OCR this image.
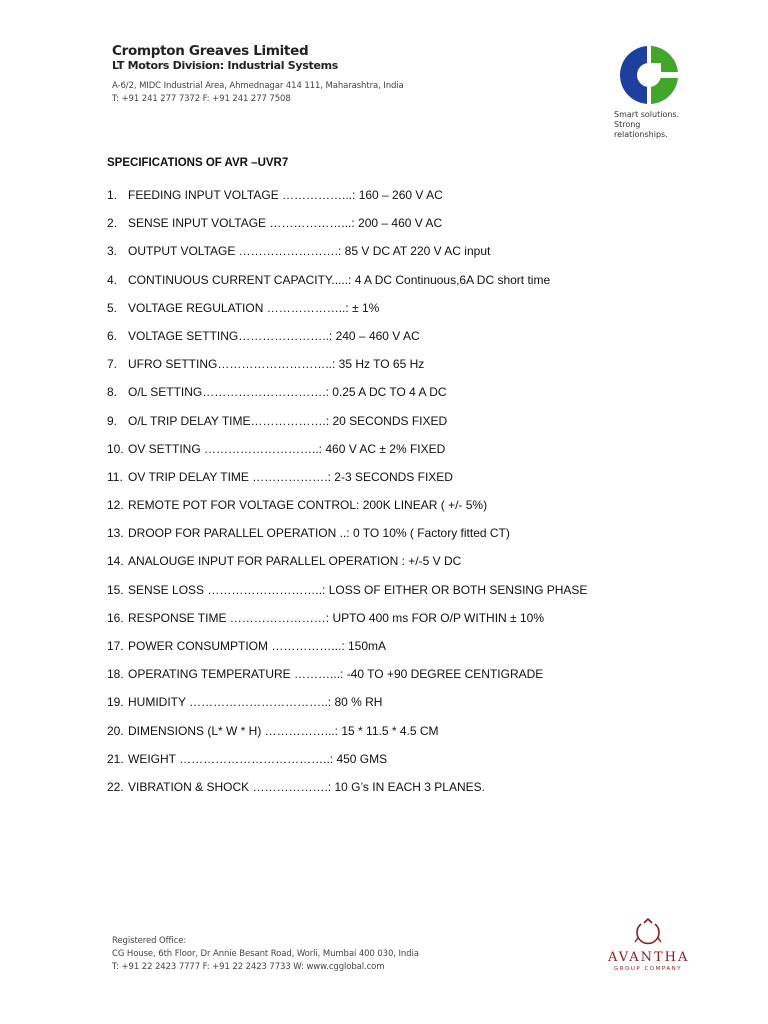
Crompton Greaves Limited
LT Motors Division: Industrial Systems
A-6/2, MIDC Industrial Area, Ahmednagar 414 111, Maharashtra, India
T: +91 241 277 7372 F: +91 241 277 7508
Smart solutions.
Strong relationships.
SPECIFICATIONS OF AVR –UVR7
1. FEEDING INPUT VOLTAGE ……………...: 160 – 260 V AC
2. SENSE INPUT VOLTAGE ………………...: 200 – 460 V AC
3. OUTPUT VOLTAGE …………………….: 85 V DC AT 220 V AC input
4. CONTINUOUS CURRENT CAPACITY.....: 4 A DC Continuous,6A DC short time
5. VOLTAGE REGULATION ………………..: ± 1%
6. VOLTAGE SETTING…………………..: 240 – 460 V AC
7. UFRO SETTING………………………..: 35 Hz TO 65 Hz
8. O/L SETTING………………………….: 0.25 A DC TO 4 A DC
9. O/L TRIP DELAY TIME……………….: 20 SECONDS FIXED
10. OV SETTING ………………………..: 460 V AC ± 2% FIXED
11. OV TRIP DELAY TIME ……………….: 2-3 SECONDS FIXED
12. REMOTE POT FOR VOLTAGE CONTROL: 200K LINEAR ( +/- 5%)
13. DROOP FOR PARALLEL OPERATION ..: 0 TO 10% ( Factory fitted CT)
14. ANALOUGE INPUT FOR PARALLEL OPERATION : +/-5 V DC
15. SENSE LOSS ………………………..: LOSS OF EITHER OR BOTH SENSING PHASE
16. RESPONSE TIME ……………………: UPTO 400 ms FOR O/P WITHIN ± 10%
17. POWER CONSUMPTIOM ……………...: 150mA
18. OPERATING TEMPERATURE ………...: -40 TO +90 DEGREE CENTIGRADE
19. HUMIDITY ……………………………..: 80 % RH
20. DIMENSIONS (L* W * H) ……………...: 15 * 11.5 * 4.5 CM
21. WEIGHT ………………………………..: 450 GMS
22. VIBRATION & SHOCK ……………….: 10 G’s IN EACH 3 PLANES.
Registered Office:
CG House, 6th Floor, Dr Annie Besant Road, Worli, Mumbai 400 030, India
T: +91 22 2423 7777 F: +91 22 2423 7733 W: www.cgglobal.com
AVANTHA
GROUP COMPANY
